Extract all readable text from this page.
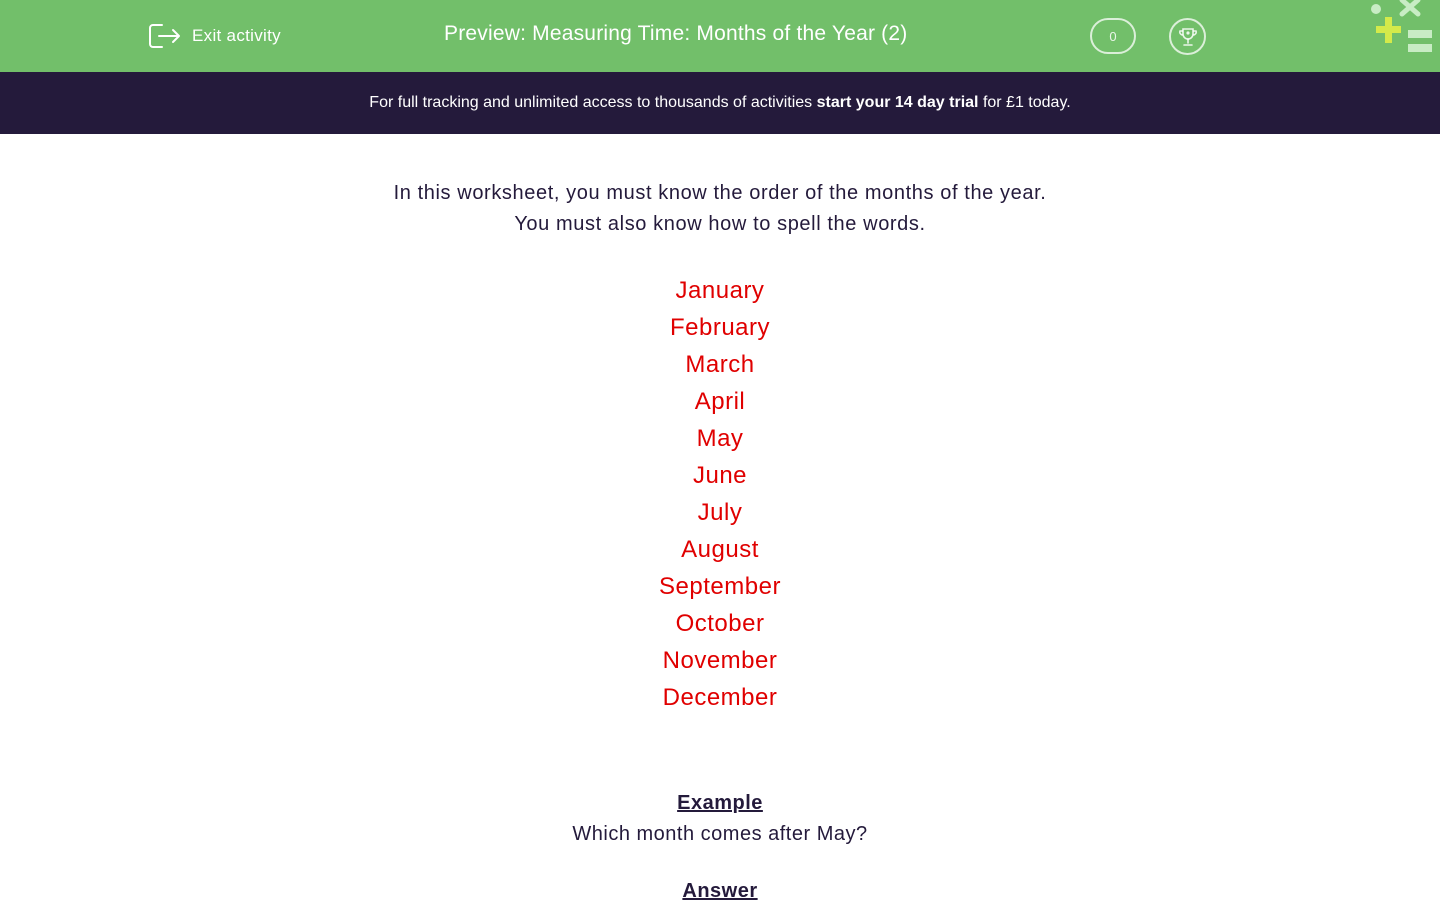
Exit activity	Preview: Measuring Time: Months of the Year (2)	0
For full tracking and unlimited access to thousands of activities
start your 14 day trial
for £1 today.

In this worksheet, you must know the order of the months of the year.

You must also know how to spell the words.

January
February
March
April
May
June
July
August
September
October
November
December
Example

Which month comes after May?

Answer
